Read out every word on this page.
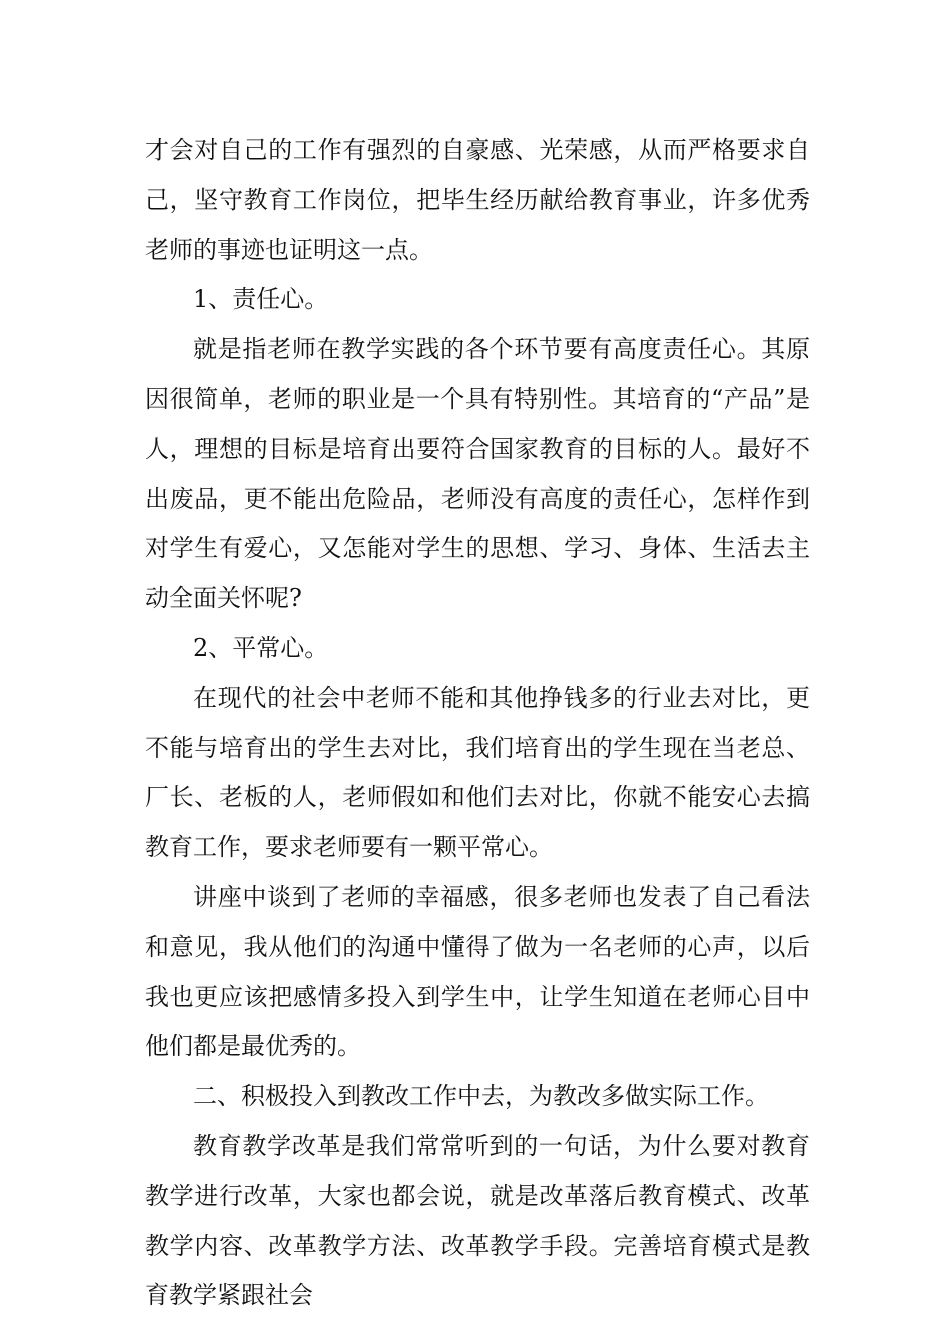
才会对自己的工作有强烈的自豪感、光荣感，从而严格要求自己，坚守教育工作岗位，把毕生经历献给教育事业，许多优秀老师的事迹也证明这一点。

1、责任心。

就是指老师在教学实践的各个环节要有高度责任心。其原因很简单，老师的职业是一个具有特别性。其培育的“产品”是人，理想的目标是培育出要符合国家教育的目标的人。最好不出废品，更不能出危险品，老师没有高度的责任心，怎样作到对学生有爱心，又怎能对学生的思想、学习、身体、生活去主动全面关怀呢?

2、平常心。

在现代的社会中老师不能和其他挣钱多的行业去对比，更不能与培育出的学生去对比，我们培育出的学生现在当老总、厂长、老板的人，老师假如和他们去对比，你就不能安心去搞教育工作，要求老师要有一颗平常心。

讲座中谈到了老师的幸福感，很多老师也发表了自己看法和意见，我从他们的沟通中懂得了做为一名老师的心声，以后我也更应该把感情多投入到学生中，让学生知道在老师心目中他们都是最优秀的。

二、积极投入到教改工作中去，为教改多做实际工作。

教育教学改革是我们常常听到的一句话，为什么要对教育教学进行改革，大家也都会说，就是改革落后教育模式、改革教学内容、改革教学方法、改革教学手段。完善培育模式是教育教学紧跟社会
